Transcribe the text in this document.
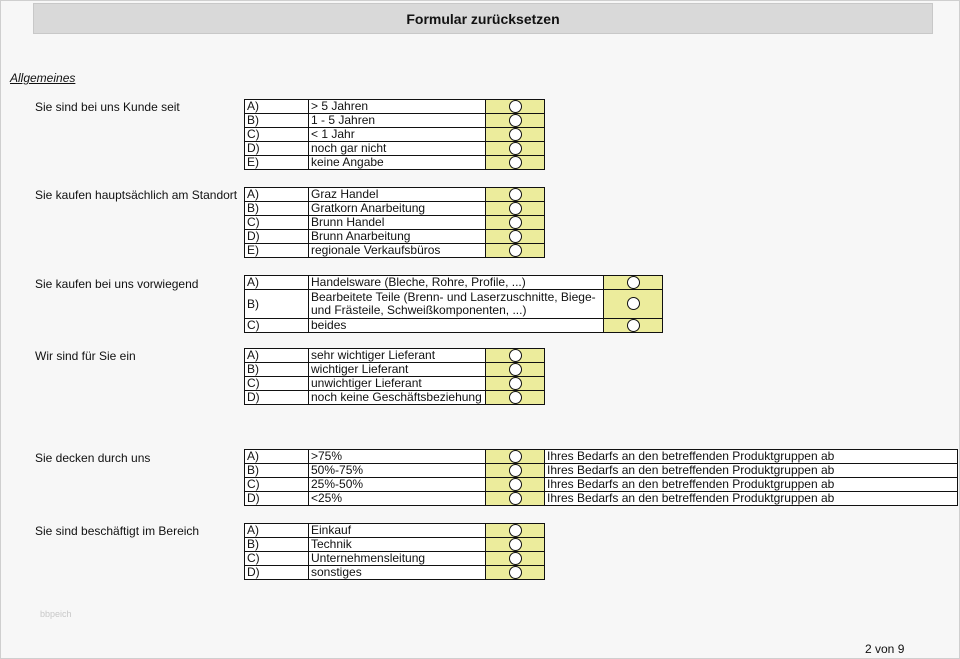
Formular zurücksetzen
Allgemeines
Sie sind bei uns Kunde seit	A)	> 5 Jahren	
B)	1 - 5 Jahren	
C)	< 1 Jahr	
D)	noch gar nicht	
E)	keine Angabe	
Sie kaufen hauptsächlich am Standort A)	Graz Handel	
B)	Gratkorn Anarbeitung	
C)	Brunn Handel	
D)	Brunn Anarbeitung	
E)	regionale Verkaufsbüros	
Sie kaufen bei uns vorwiegend	A)	Handelsware (Bleche, Rohre, Profile, ...)	
B)	Bearbeitete Teile (Brenn- und Laserzuschnitte, Biege- und Frästeile, Schweißkomponenten, ...)	
C)	beides	
Wir sind für Sie ein	A)	sehr wichtiger Lieferant	
B)	wichtiger Lieferant	
C)	unwichtiger Lieferant	
D)	noch keine Geschäftsbeziehung	
Sie decken durch uns	A)	>75%		Ihres Bedarfs an den betreffenden Produktgruppen ab
B)	50%-75%		Ihres Bedarfs an den betreffenden Produktgruppen ab
C)	25%-50%		Ihres Bedarfs an den betreffenden Produktgruppen ab
D)	<25%		Ihres Bedarfs an den betreffenden Produktgruppen ab
Sie sind beschäftigt im Bereich	A)	Einkauf	
B)	Technik	
C)	Unternehmensleitung	
D)	sonstiges	
bbpeich
2 von 9
